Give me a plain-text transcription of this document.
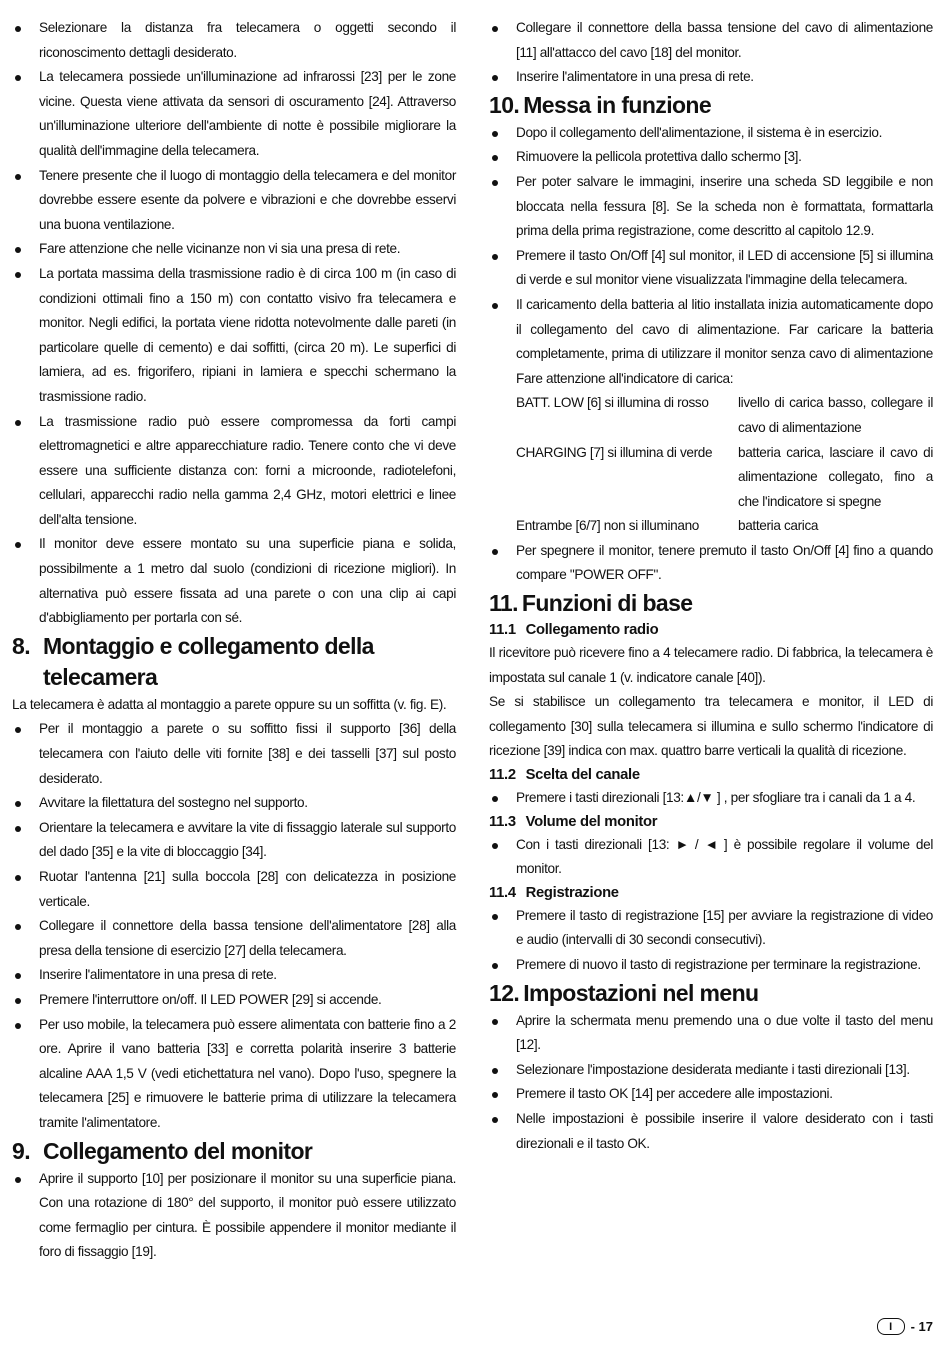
Selezionare la distanza fra telecamera o oggetti secondo il riconoscimento dettagli desiderato.
La telecamera possiede un'illuminazione ad infrarossi [23] per le zone vicine. Questa viene attivata da sensori di oscuramento [24]. Attraverso un'illuminazione ulteriore dell'ambiente di notte è possibile migliorare la qualità dell'immagine della telecamera.
Tenere presente che il luogo di montaggio della telecamera e del monitor dovrebbe essere esente da polvere e vibrazioni e che dovrebbe esservi una buona ventilazione.
Fare attenzione che nelle vicinanze non vi sia una presa di rete.
La portata massima della trasmissione radio è di circa 100 m (in caso di condizioni ottimali fino a 150 m) con contatto visivo fra telecamera e monitor. Negli edifici, la portata viene ridotta notevolmente dalle pareti (in particolare quelle di cemento) e dai soffitti, (circa 20 m). Le superfici di lamiera, ad es. frigorifero, ripiani in lamiera e specchi schermano la trasmissione radio.
La trasmissione radio può essere compromessa da forti campi elettromagnetici e altre apparecchiature radio. Tenere conto che vi deve essere una sufficiente distanza con: forni a microonde, radiotelefoni, cellulari, apparecchi radio nella gamma 2,4 GHz, motori elettrici e linee dell'alta tensione.
Il monitor deve essere montato su una superficie piana e solida, possibilmente a 1 metro dal suolo (condizioni di ricezione migliori). In alternativa può essere fissata ad una parete o con una clip ai capi d'abbigliamento per portarla con sé.
8. Montaggio e collegamento della telecamera

La telecamera è adatta al montaggio a parete oppure su un soffitta (v. fig. E).

Per il montaggio a parete o su soffitto fissi il supporto [36] della telecamera con l'aiuto delle viti fornite [38] e dei tasselli [37] sul posto desiderato.
Avvitare la filettatura del sostegno nel supporto.
Orientare la telecamera e avvitare la vite di fissaggio laterale sul supporto del dado [35] e la vite di bloccaggio [34].
Ruotar l'antenna [21] sulla boccola [28] con delicatezza in posizione verticale.
Collegare il connettore della bassa tensione dell'alimentatore [28] alla presa della tensione di esercizio [27] della telecamera.
Inserire l'alimentatore in una presa di rete.
Premere l'interruttore on/off. Il LED POWER [29] si accende.
Per uso mobile, la telecamera può essere alimentata con batterie fino a 2 ore. Aprire il vano batteria [33] e corretta polarità inserire 3 batterie alcaline AAA 1,5 V (vedi etichettatura nel vano). Dopo l'uso, spegnere la telecamera [25] e rimuovere le batterie prima di utilizzare la telecamera tramite l'alimentatore.
9. Collegamento del monitor
Aprire il supporto [10] per posizionare il monitor su una superficie piana. Con una rotazione di 180° del supporto, il monitor può essere utilizzato come fermaglio per cintura. È possibile appendere il monitor mediante il foro di fissaggio [19].
Collegare il connettore della bassa tensione del cavo di alimentazione [11] all'attacco del cavo [18] del monitor.
Inserire l'alimentatore in una presa di rete.
10. Messa in funzione
Dopo il collegamento dell'alimentazione, il sistema è in esercizio.
Rimuovere la pellicola protettiva dallo schermo [3].
Per poter salvare le immagini, inserire una scheda SD leggibile e non bloccata nella fessura [8]. Se la scheda non è formattata, formattarla prima della prima registrazione, come descritto al capitolo 12.9.
Premere il tasto On/Off [4] sul monitor, il LED di accensione [5] si illumina di verde e sul monitor viene visualizzata l'immagine della telecamera.
Il caricamento della batteria al litio installata inizia automaticamente dopo il collegamento del cavo di alimentazione. Far caricare la batteria completamente, prima di utilizzare il monitor senza cavo di alimentazione Fare attenzione all'indicatore di carica:
BATT. LOW [6] si illumina di rosso	livello di carica basso, collegare il cavo di alimentazione
CHARGING [7] si illumina di verde	batteria carica, lasciare il cavo di alimentazione collegato, fino a che l'indicatore si spegne
Entrambe [6/7] non si illuminano	batteria carica
Per spegnere il monitor, tenere premuto il tasto On/Off [4] fino a quando compare "POWER OFF".
11. Funzioni di base
11.1 Collegamento radio

Il ricevitore può ricevere fino a 4 telecamere radio. Di fabbrica, la telecamera è impostata sul canale 1 (v. indicatore canale [40]).

Se si stabilisce un collegamento tra telecamera e monitor, il LED di collegamento [30] sulla telecamera si illumina e sullo schermo l'indicatore di ricezione [39] indica con max. quattro barre verticali la qualità di ricezione.

11.2 Scelta del canale
Premere i tasti direzionali [13:▲/▼ ] , per sfogliare tra i canali da 1 a 4.
11.3 Volume del monitor
Con i tasti direzionali [13: ► / ◄ ] è possibile regolare il volume del monitor.
11.4 Registrazione
Premere il tasto di registrazione [15] per avviare la registrazione di video e audio (intervalli di 30 secondi consecutivi).
Premere di nuovo il tasto di registrazione per terminare la registrazione.
12. Impostazioni nel menu
Aprire la schermata menu premendo una o due volte il tasto del menu [12].
Selezionare l'impostazione desiderata mediante i tasti direzionali [13].
Premere il tasto OK [14] per accedere alle impostazioni.
Nelle impostazioni è possibile inserire il valore desiderato con i tasti direzionali e il tasto OK.
I	- 17
